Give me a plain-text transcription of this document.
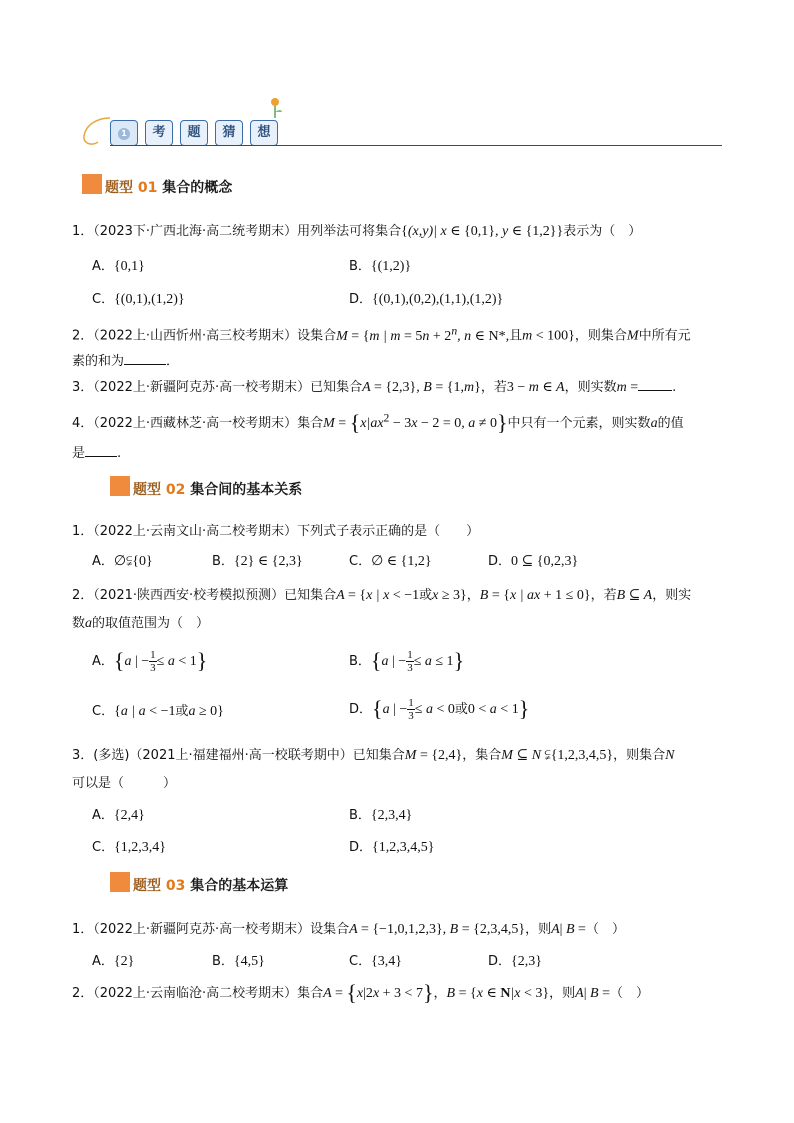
1	考	题	猜	想
题型 01 集合的概念
1．（2023下·广西北海·高二统考期末）用列举法可将集合{(x,y)| x ∈ {0,1}, y ∈ {1,2}}表示为（　）
A．{0,1}	B．{(1,2)}
C．{(0,1),(1,2)}	D．{(0,1),(0,2),(1,1),(1,2)}
2．（2022上·山西忻州·高三校考期末）设集合M = {m | $m = 5n + 2^n$, n ∈ N*,且m < 100}，则集合M中所有元
素的和为	．
3．（2022上·新疆阿克苏·高一校考期末）已知集合A = {2,3}, B = {1,m}，若3 − m ∈ A，则实数m =	.
4．（2022上·西藏林芝·高一校考期末）集合$M = \{x|ax^2 - 3x - 2 = 0$, a ≠ 0}中只有一个元素，则实数a的值
是 .
题型 02 集合间的基本关系
1．（2022上·云南文山·高二校考期末）下列式子表示正确的是（　　）
A．∅⫋{0}	B．{2} ∈ {2,3}	C．∅ ∈ {1,2}	D．0 ⊆ {0,2,3}
2．（2021·陕西西安·校考模拟预测）已知集合A = {x | x < −1或x ≥ 3}，B = {x | ax + 1 ≤ 0}，若B ⊆ A，则实
数a的取值范围为（　）
A．{a | − $\frac{1}{3} \le a < 1$}	B．{a | − $\frac{1}{3} \le a \le 1$}
C．{a | a < −1或a ≥ 0}	D．{a | − $\frac{1}{3} \le a < 0$或0 < a < 1}
3．(多选)（2021上·福建福州·高一校联考期中）已知集合M = {2,4}，集合M ⊆ N ⫋{1,2,3,4,5}，则集合N
可以是（　　　）
A．{2,4}	B．{2,3,4}
C．{1,2,3,4}	D．{1,2,3,4,5}
题型 03 集合的基本运算
1．（2022上·新疆阿克苏·高一校考期末）设集合A = {−1,0,1,2,3}, B = {2,3,4,5}，则A| B =（　）
A．{2}	B．{4,5}	C．{3,4}	D．{2,3}
2．（2022上·云南临沧·高二校考期末）集合A = {x|2x + 3 < 7}，B = {x ∈ N|x < 3}，则A| B =（　）
